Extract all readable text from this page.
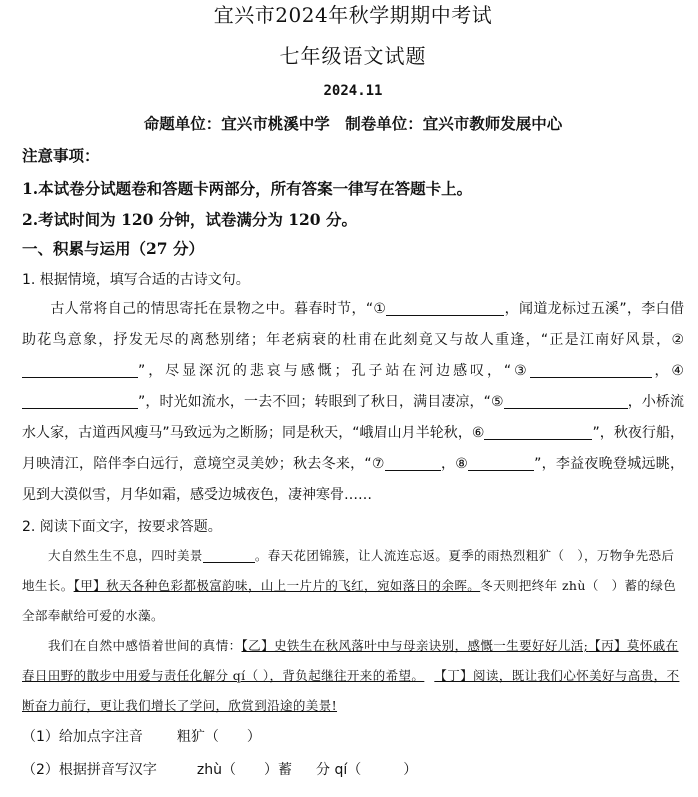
宜兴市2024年秋学期期中考试
七年级语文试题
2024.11
命题单位：宜兴市桃溪中学　制卷单位：宜兴市教师发展中心
注意事项：
1.本试卷分试题卷和答题卡两部分，所有答案一律写在答题卡上。
2.考试时间为 120 分钟，试卷满分为 120 分。
一、积累与运用（27 分）
1. 根据情境，填写合适的古诗文句。
古人常将自己的情思寄托在景物之中。暮春时节，“①	，闻道龙标过五溪”，李白借助花鸟意象，抒发无尽的离愁别绪；年老病衰的杜甫在此刻竟又与故人重逢，“正是江南好风景，②”，尽显深沉的悲哀与感慨；孔子站在河边感叹，“③	，④”，时光如流水，一去不回；转眼到了秋日，满目凄凉，“⑤	，小桥流水人家，古道西风瘦马”马致远为之断肠；同是秋天，“峨眉山月半轮秋，⑥	”，秋夜行船，月映清江，陪伴李白远行，意境空灵美妙；秋去冬来，“⑦	，⑧	”，李益夜晚登城远眺，见到大漠似雪，月华如霜，感受边城夜色，凄神寒骨……
2. 阅读下面文字，按要求答题。
大自然生生不息，四时美景	。春天花团锦簇，让人流连忘返。夏季的雨热烈粗犷（　），万物争先恐后地生长。【甲】秋天各种色彩都极富韵味，山上一片片的飞红，宛如落日的余晖。冬天则把终年 zhù（　）蓄的绿色全部奉献给可爱的水藻。
我们在自然中感悟着世间的真情：【乙】史铁生在秋风落叶中与母亲诀别，感慨一生要好好儿活;【丙】莫怀戚在春日田野的散步中用爱与责任化解分 qí（ ），背负起继往开来的希望。 【丁】阅读，既让我们心怀美好与高贵，不断奋力前行，更让我们增长了学问，欣赏到沿途的美景!
（1）给加点字注音 粗犷（　　）
（2）根据拼音写汉字	zhù（　　）蓄 分 qí（　　　）
